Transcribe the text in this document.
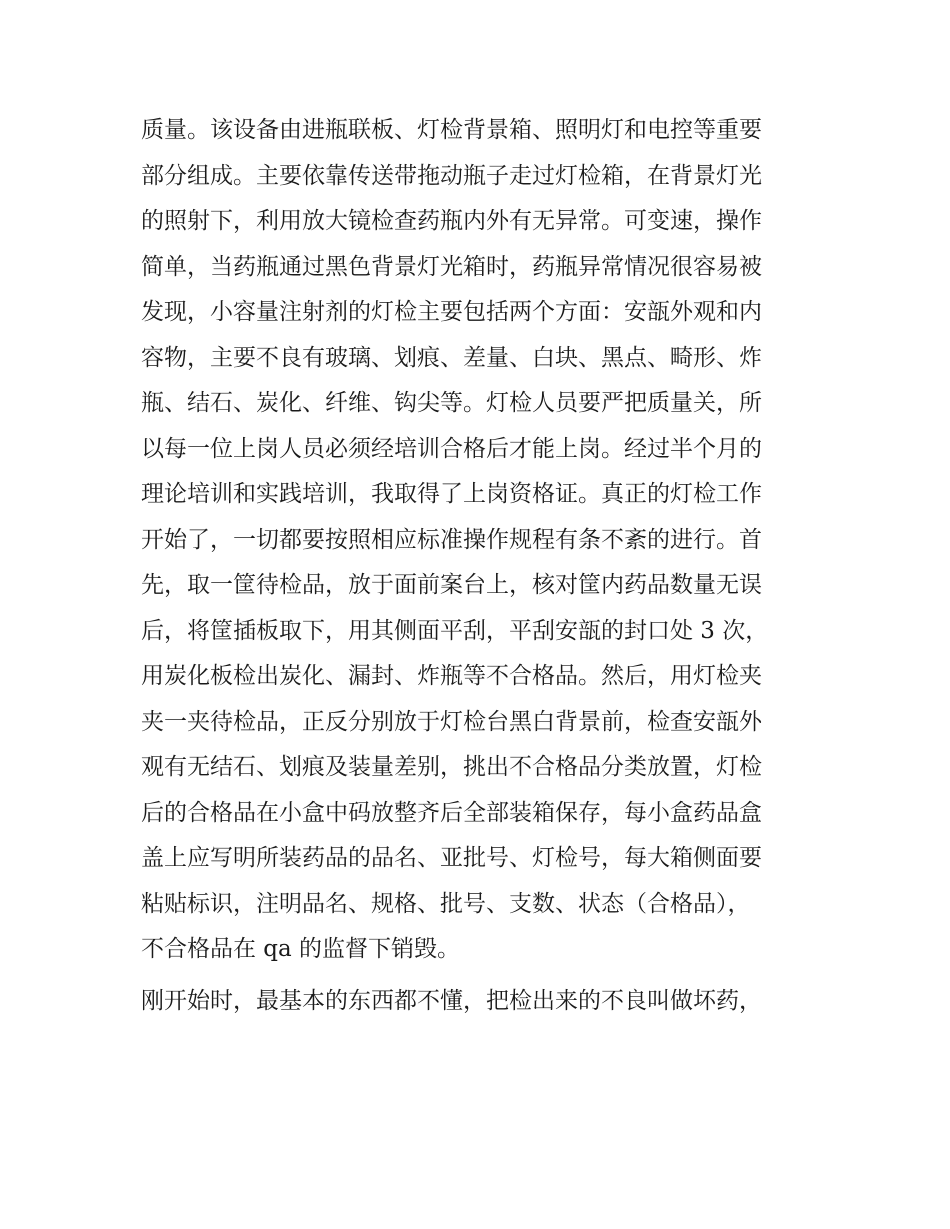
质量。该设备由进瓶联板、灯检背景箱、照明灯和电控等重要
部分组成。主要依靠传送带拖动瓶子走过灯检箱，在背景灯光
的照射下，利用放大镜检查药瓶内外有无异常。可变速，操作
简单，当药瓶通过黑色背景灯光箱时，药瓶异常情况很容易被
发现，小容量注射剂的灯检主要包括两个方面：安瓿外观和内
容物，主要不良有玻璃、划痕、差量、白块、黑点、畸形、炸
瓶、结石、炭化、纤维、钩尖等。灯检人员要严把质量关，所
以每一位上岗人员必须经培训合格后才能上岗。经过半个月的
理论培训和实践培训，我取得了上岗资格证。真正的灯检工作
开始了，一切都要按照相应标准操作规程有条不紊的进行。首
先，取一筐待检品，放于面前案台上，核对筐内药品数量无误
后，将筐插板取下，用其侧面平刮，平刮安瓿的封口处 3 次，
用炭化板检出炭化、漏封、炸瓶等不合格品。然后，用灯检夹
夹一夹待检品，正反分别放于灯检台黑白背景前，检查安瓿外
观有无结石、划痕及装量差别，挑出不合格品分类放置，灯检
后的合格品在小盒中码放整齐后全部装箱保存，每小盒药品盒
盖上应写明所装药品的品名、亚批号、灯检号，每大箱侧面要
粘贴标识，注明品名、规格、批号、支数、状态（合格品），
不合格品在 qa 的监督下销毁。
刚开始时，最基本的东西都不懂，把检出来的不良叫做坏药，
